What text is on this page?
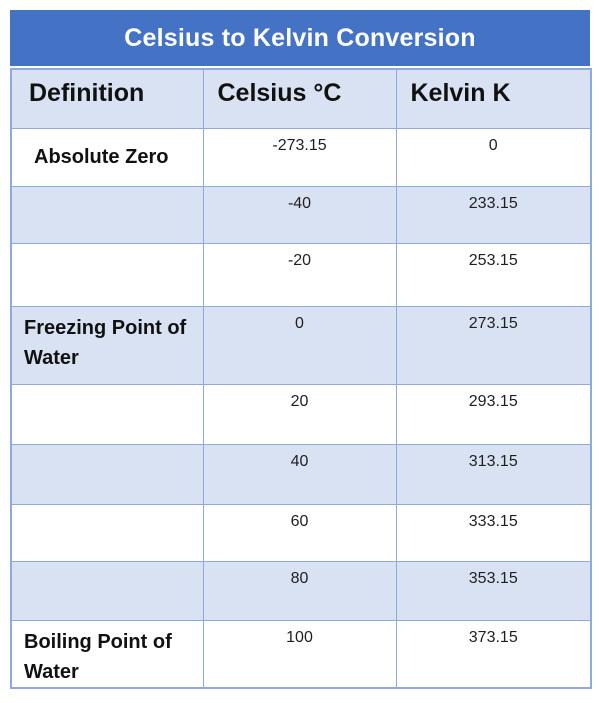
Celsius to Kelvin Conversion
Definition	Celsius °C	Kelvin K
Absolute Zero	-273.15	0
	-40	233.15
	-20	253.15
Freezing Point of Water	0	273.15
	20	293.15
	40	313.15
	60	333.15
	80	353.15
Boiling Point of Water	100	373.15
